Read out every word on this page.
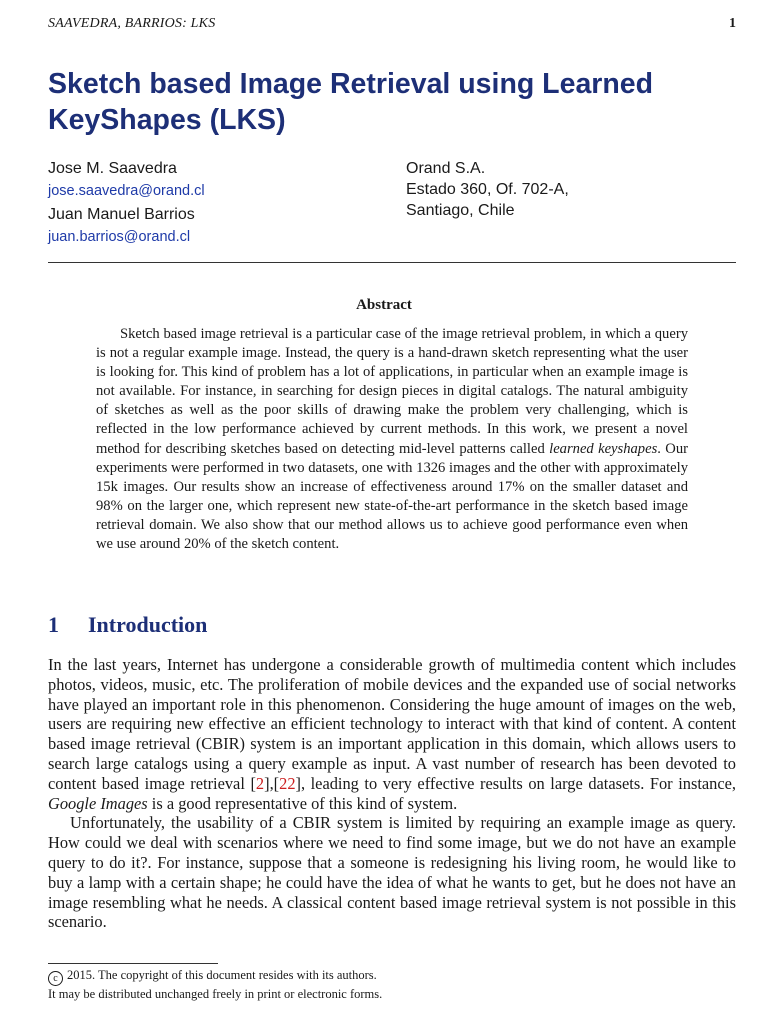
SAAVEDRA, BARRIOS: LKS	1
Sketch based Image Retrieval using Learned KeyShapes (LKS)
Jose M. Saavedra
jose.saavedra@orand.cl
Juan Manuel Barrios
juan.barrios@orand.cl
Orand S.A.
Estado 360, Of. 702-A,
Santiago, Chile
Abstract

Sketch based image retrieval is a particular case of the image retrieval problem, in which a query is not a regular example image. Instead, the query is a hand-drawn sketch representing what the user is looking for. This kind of problem has a lot of applications, in particular when an example image is not available. For instance, in searching for design pieces in digital catalogs. The natural ambiguity of sketches as well as the poor skills of drawing make the problem very challenging, which is reflected in the low performance achieved by current methods. In this work, we present a novel method for describing sketches based on detecting mid-level patterns called learned keyshapes. Our experiments were performed in two datasets, one with 1326 images and the other with approximately 15k images. Our results show an increase of effectiveness around 17% on the smaller dataset and 98% on the larger one, which represent new state-of-the-art performance in the sketch based image retrieval domain. We also show that our method allows us to achieve good performance even when we use around 20% of the sketch content.

1 Introduction

In the last years, Internet has undergone a considerable growth of multimedia content which includes photos, videos, music, etc. The proliferation of mobile devices and the expanded use of social networks have played an important role in this phenomenon. Considering the huge amount of images on the web, users are requiring new effective an efficient technology to interact with that kind of content. A content based image retrieval (CBIR) system is an important application in this domain, which allows users to search large catalogs using a query example as input. A vast number of research has been devoted to content based image retrieval [2],[22], leading to very effective results on large datasets. For instance, Google Images is a good representative of this kind of system.

Unfortunately, the usability of a CBIR system is limited by requiring an example image as query. How could we deal with scenarios where we need to find some image, but we do not have an example query to do it?. For instance, suppose that a someone is redesigning his living room, he would like to buy a lamp with a certain shape; he could have the idea of what he wants to get, but he does not have an image resembling what he needs. A classical content based image retrieval system is not possible in this scenario.

c 2015. The copyright of this document resides with its authors.
It may be distributed unchanged freely in print or electronic forms.
